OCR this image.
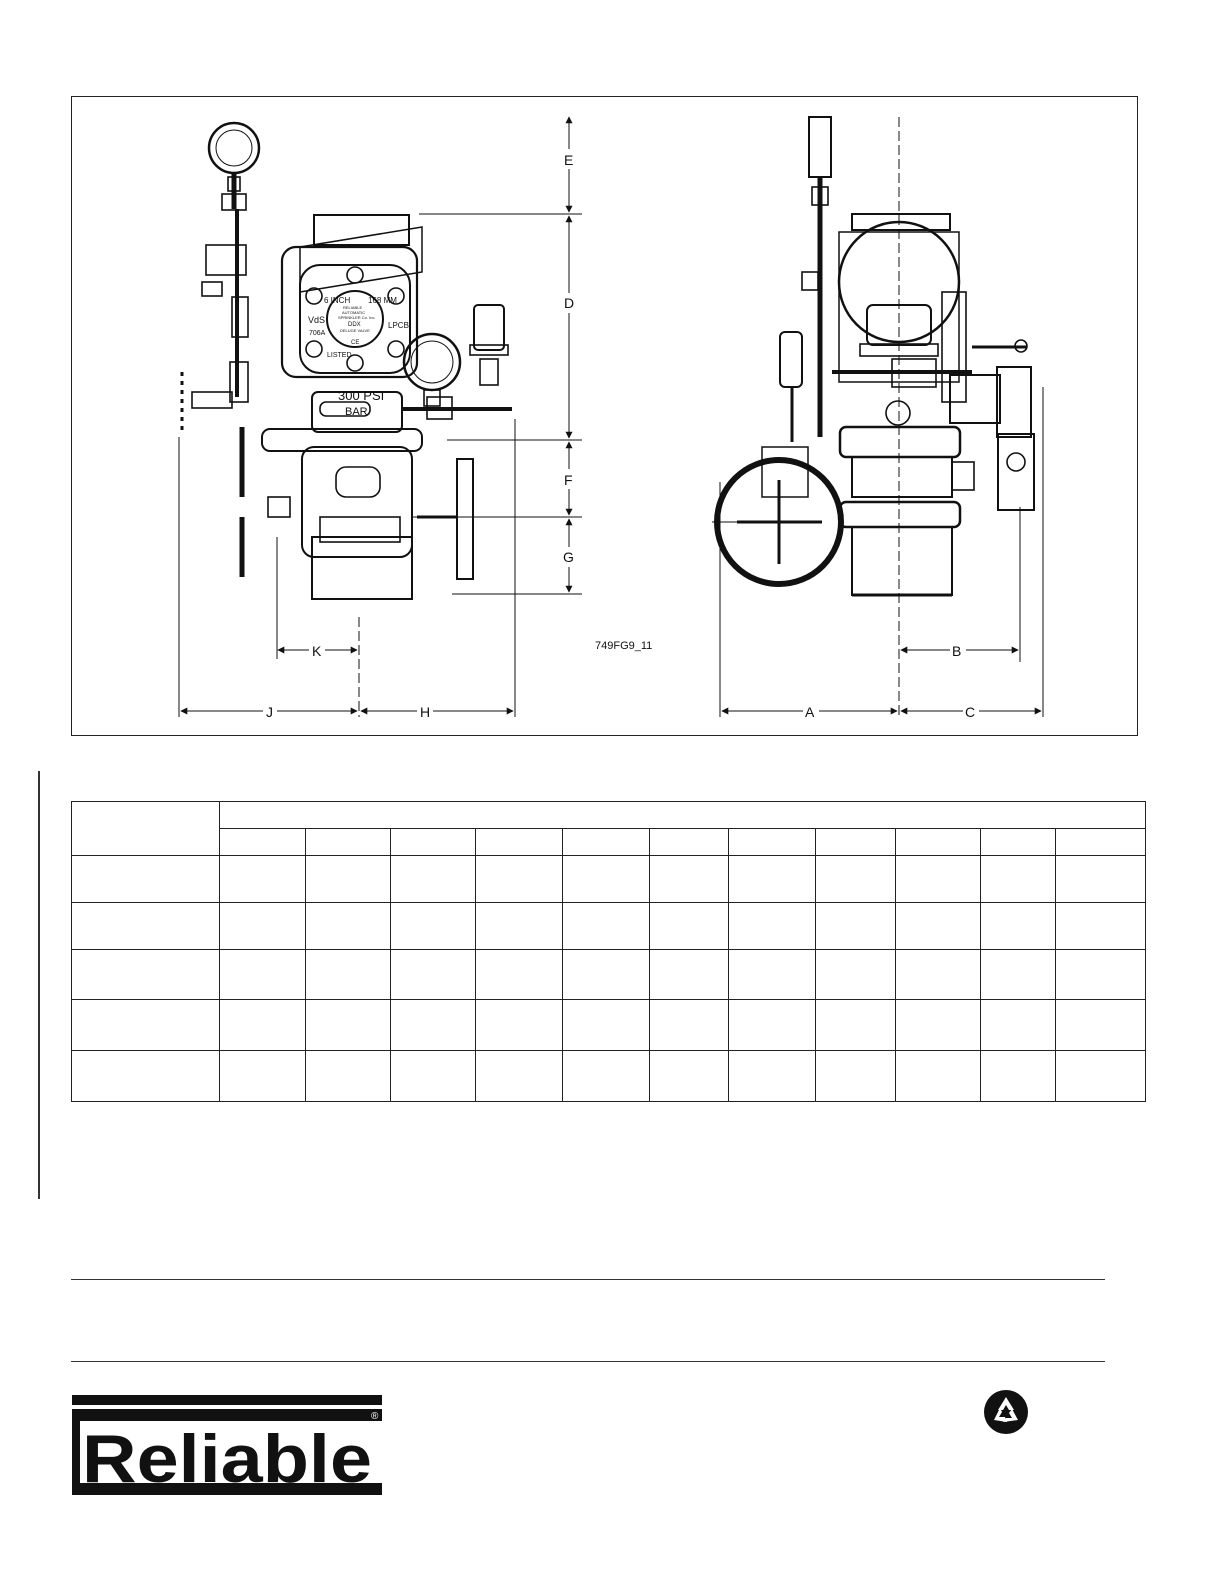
E
D
F
G
K
J	H	A
B
C
6 INCH 168 MM
VdS
706A
LPCB
RELIABLE
AUTOMATIC
SPRINKLER Co. Inc.
DDX
DELUGE VALVE
LISTED
CE
300 PSI
BAR
749FG9_11

Reliable
®
